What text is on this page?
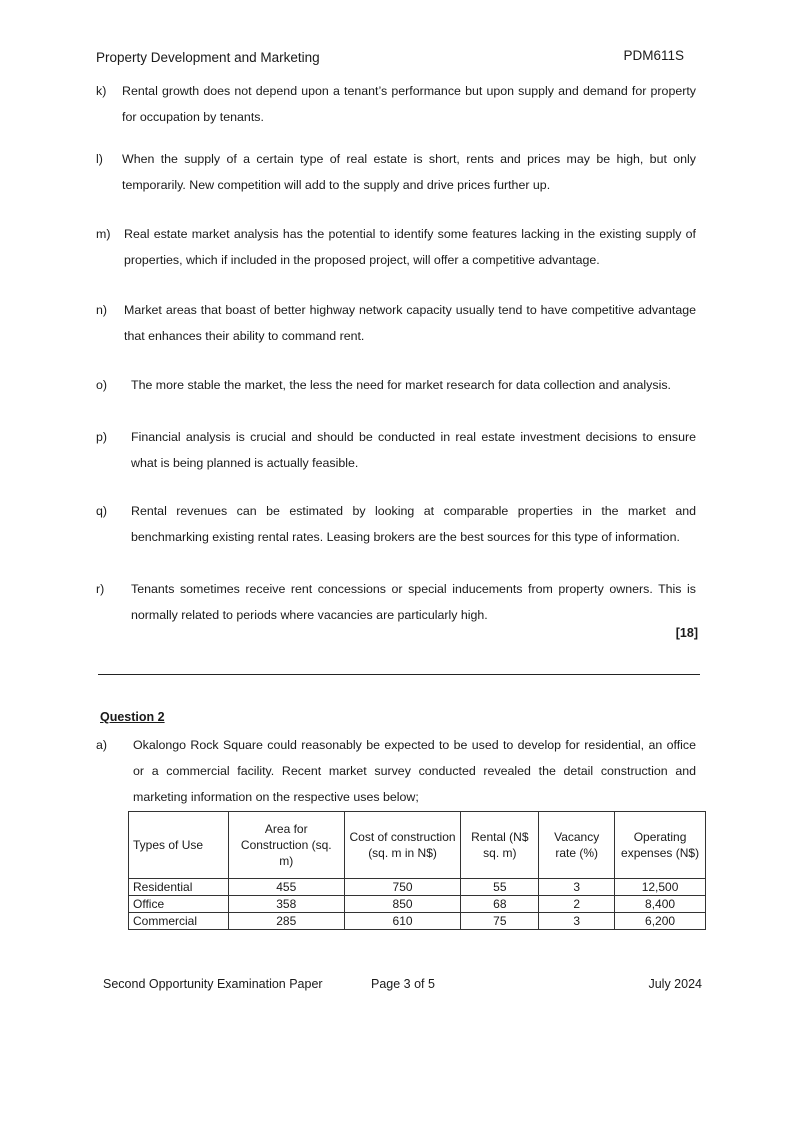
Property Development and Marketing	PDM611S
k)	Rental growth does not depend upon a tenant’s performance but upon supply and demand for property for occupation by tenants.
l)	When the supply of a certain type of real estate is short, rents and prices may be high, but only temporarily. New competition will add to the supply and drive prices further up.
m)	Real estate market analysis has the potential to identify some features lacking in the existing supply of properties, which if included in the proposed project, will offer a competitive advantage.
n)	Market areas that boast of better highway network capacity usually tend to have competitive advantage that enhances their ability to command rent.
o)	The more stable the market, the less the need for market research for data collection and analysis.
p)	Financial analysis is crucial and should be conducted in real estate investment decisions to ensure what is being planned is actually feasible.
q)	Rental revenues can be estimated by looking at comparable properties in the market and benchmarking existing rental rates. Leasing brokers are the best sources for this type of information.
r)	Tenants sometimes receive rent concessions or special inducements from property owners. This is normally related to periods where vacancies are particularly high.
[18]
Question 2
a)	Okalongo Rock Square could reasonably be expected to be used to develop for residential, an office or a commercial facility. Recent market survey conducted revealed the detail construction and marketing information on the respective uses below;
Types of Use	Area for Construction (sq. m)	Cost of construction (sq. m in N$)	Rental (N$ sq. m)	Vacancy rate (%)	Operating expenses (N$)
Residential	455	750	55	3	12,500
Office	358	850	68	2	8,400
Commercial	285	610	75	3	6,200
Second Opportunity Examination Paper	Page 3 of 5	July 2024
